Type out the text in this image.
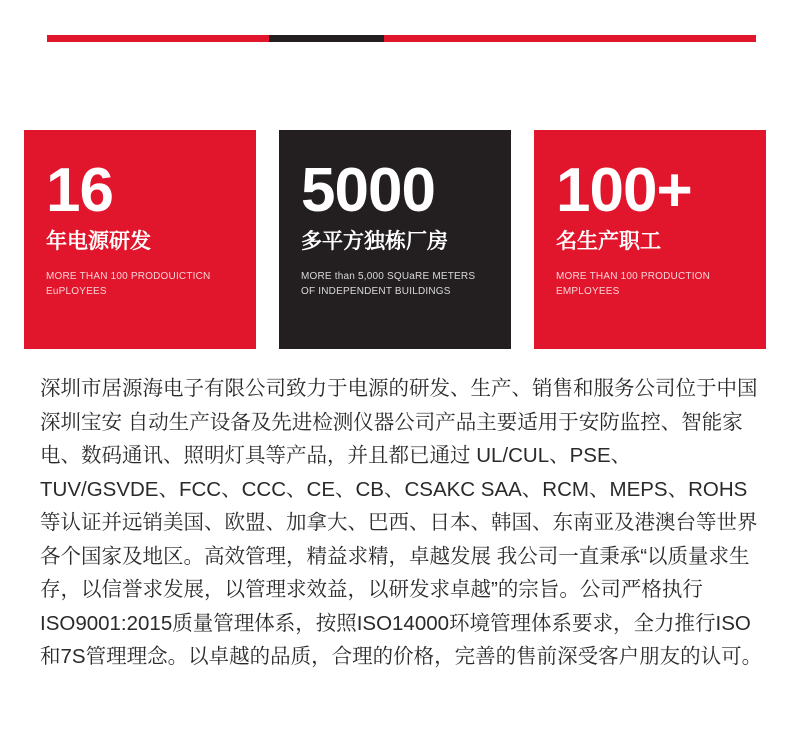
16
年电源研发
MORE THAN 100 PRODOUICTICN
EuPLOYEES
5000
多平方独栋厂房
MORE than 5,000 SQUaRE METERS
OF INDEPENDENT BUILDINGS
100+
名生产职工
MORE THAN 100 PRODUCTION
EMPLOYEES
深圳市居源海电子有限公司致力于电源的研发、生产、销售和服务公司位于中国深圳宝安 自动生产设备及先进检测仪器公司产品主要适用于安防监控、智能家电、数码通讯、照明灯具等产品，并且都已通过 UL/CUL、PSE、TUV/GSVDE、FCC、CCC、CE、CB、CSAKC SAA、RCM、MEPS、ROHS等认证并远销美国、欧盟、加拿大、巴西、日本、韩国、东南亚及港澳台等世界各个国家及地区。高效管理，精益求精，卓越发展 我公司一直秉承“以质量求生存，以信誉求发展，以管理求效益，以研发求卓越”的宗旨。公司严格执行ISO9001:2015质量管理体系，按照ISO14000环境管理体系要求，全力推行ISO和7S管理理念。以卓越的品质，合理的价格，完善的售前深受客户朋友的认可。
